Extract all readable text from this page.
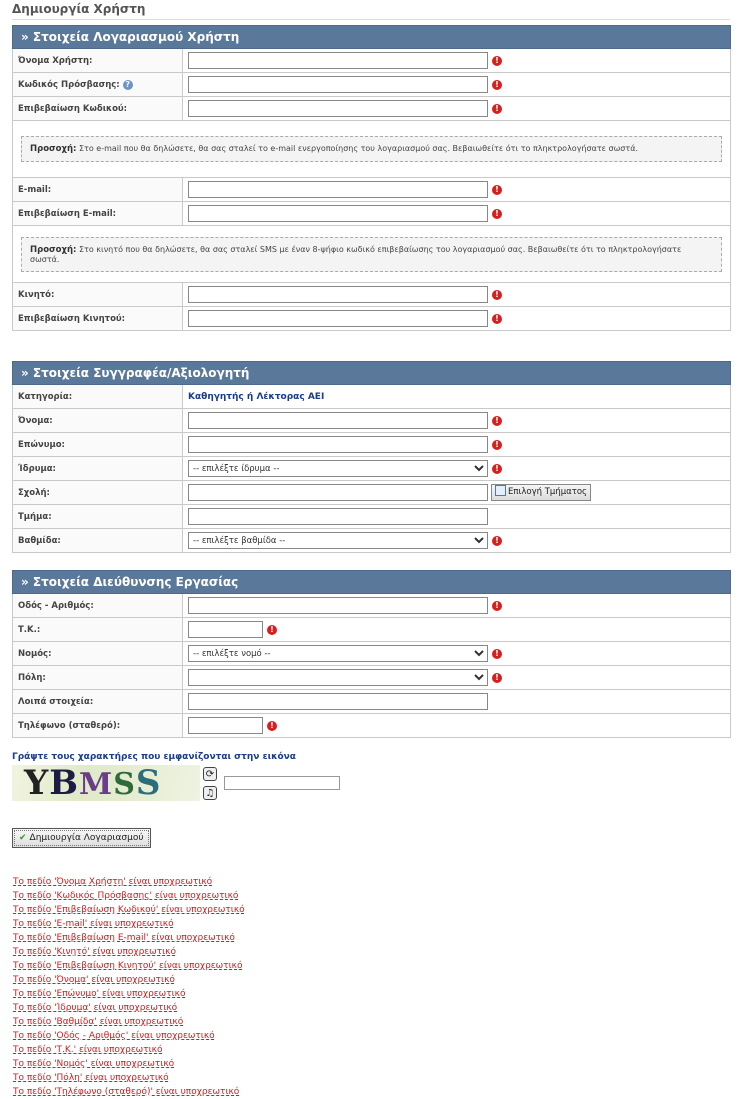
Δημιουργία Χρήστη
» Στοιχεία Λογαριασμού Χρήστη	
Όνομα Χρήστη:	!
Κωδικός Πρόσβασης: ?	!
Επιβεβαίωση Κωδικού:	!

Προσοχή: Στο e-mail που θα δηλώσετε, θα σας σταλεί το e-mail ενεργοποίησης του λογαριασμού σας. Βεβαιωθείτε ότι το πληκτρολογήσατε σωστά.	

E-mail:	!
Επιβεβαίωση E-mail:	!

Προσοχή: Στο κινητό που θα δηλώσετε, θα σας σταλεί SMS με έναν 8-ψήφιο κωδικό επιβεβαίωσης του λογαριασμού σας. Βεβαιωθείτε ότι το πληκτρολογήσατε σωστά.	

Κινητό:	!
Επιβεβαίωση Κινητού:	!
» Στοιχεία Συγγραφέα/Αξιολογητή	
Κατηγορία:	Καθηγητής ή Λέκτορας ΑΕΙ
Όνομα:	!
Επώνυμο:	!
Ίδρυμα:	
-- επιλέξτε ίδρυμα --!
Σχολή:	Επιλογή Τμήματος
Τμήμα:	
Βαθμίδα:	
-- επιλέξτε βαθμίδα --!
» Στοιχεία Διεύθυνσης Εργασίας	
Οδός - Αριθμός:	!
Τ.Κ.:	!
Νομός:	
-- επιλέξτε νομό --!
Πόλη:	!
Λοιπά στοιχεία:	
Τηλέφωνο (σταθερό):	!
Γράψτε τους χαρακτήρες που εμφανίζονται στην εικόνα
YBMSS	⟳
♫
✔ Δημιουργία Λογαριασμού
Το πεδίο 'Όνομα Χρήστη' είναι υποχρεωτικό
Το πεδίο 'Κωδικός Πρόσβασης' είναι υποχρεωτικό
Το πεδίο 'Επιβεβαίωση Κωδικού' είναι υποχρεωτικό
Το πεδίο 'E-mail' είναι υποχρεωτικό
Το πεδίο 'Επιβεβαίωση E-mail' είναι υποχρεωτικό
Το πεδίο 'Κινητό' είναι υποχρεωτικό
Το πεδίο 'Επιβεβαίωση Κινητού' είναι υποχρεωτικό
Το πεδίο 'Όνομα' είναι υποχρεωτικό
Το πεδίο 'Επώνυμο' είναι υποχρεωτικό
Το πεδίο 'Ίδρυμα' είναι υποχρεωτικό
Το πεδίο 'Βαθμίδα' είναι υποχρεωτικό
Το πεδίο 'Οδός - Αριθμός' είναι υποχρεωτικό
Το πεδίο 'Τ.Κ.' είναι υποχρεωτικό
Το πεδίο 'Νομός' είναι υποχρεωτικό
Το πεδίο 'Πόλη' είναι υποχρεωτικό
Το πεδίο 'Τηλέφωνο (σταθερό)' είναι υποχρεωτικό
